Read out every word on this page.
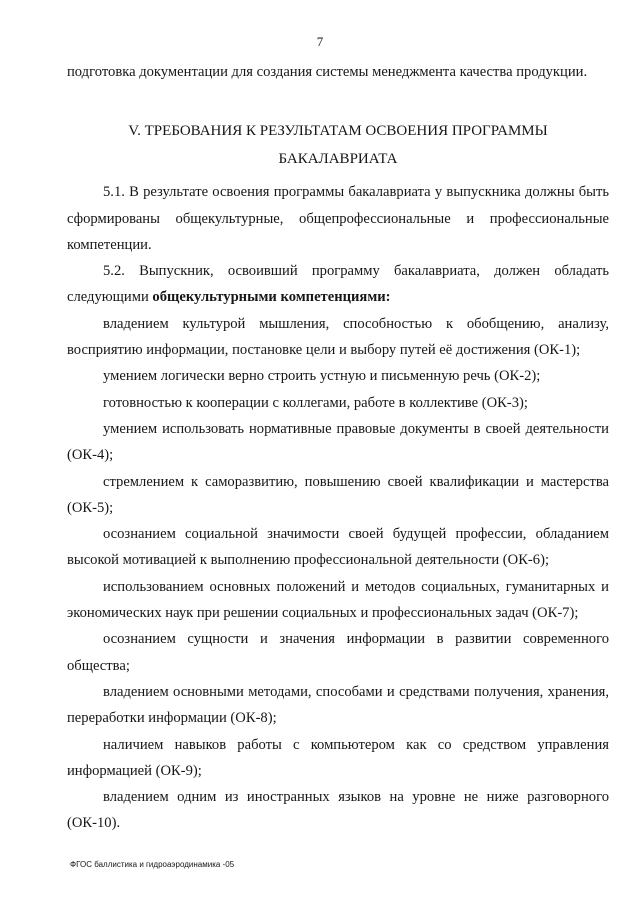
7

подготовка документации для создания системы менеджмента качества продукции.

V. ТРЕБОВАНИЯ К РЕЗУЛЬТАТАМ ОСВОЕНИЯ ПРОГРАММЫ
БАКАЛАВРИАТА

5.1. В результате освоения программы бакалавриата у выпускника должны быть сформированы общекультурные, общепрофессиональные и профессиональные компетенции.

5.2. Выпускник, освоивший программу бакалавриата, должен обладать следующими общекультурными компетенциями:

владением культурой мышления, способностью к обобщению, анализу, восприятию информации, постановке цели и выбору путей её достижения (ОК-1);

умением логически верно строить устную и письменную речь (ОК-2);

готовностью к кооперации с коллегами, работе в коллективе (ОК-3);

умением использовать нормативные правовые документы в своей деятельности (ОК-4);

стремлением к саморазвитию, повышению своей квалификации и мастерства (ОК-5);

осознанием социальной значимости своей будущей профессии, обладанием высокой мотивацией к выполнению профессиональной деятельности (ОК-6);

использованием основных положений и методов социальных, гуманитарных и экономических наук при решении социальных и профессиональных задач (ОК-7);

осознанием сущности и значения информации в развитии современного общества;

владением основными методами, способами и средствами получения, хранения, переработки информации (ОК-8);

наличием навыков работы с компьютером как со средством управления информацией (ОК-9);

владением одним из иностранных языков на уровне не ниже разговорного (ОК-10).

ФГОС баллистика и гидроаэродинамика -05
